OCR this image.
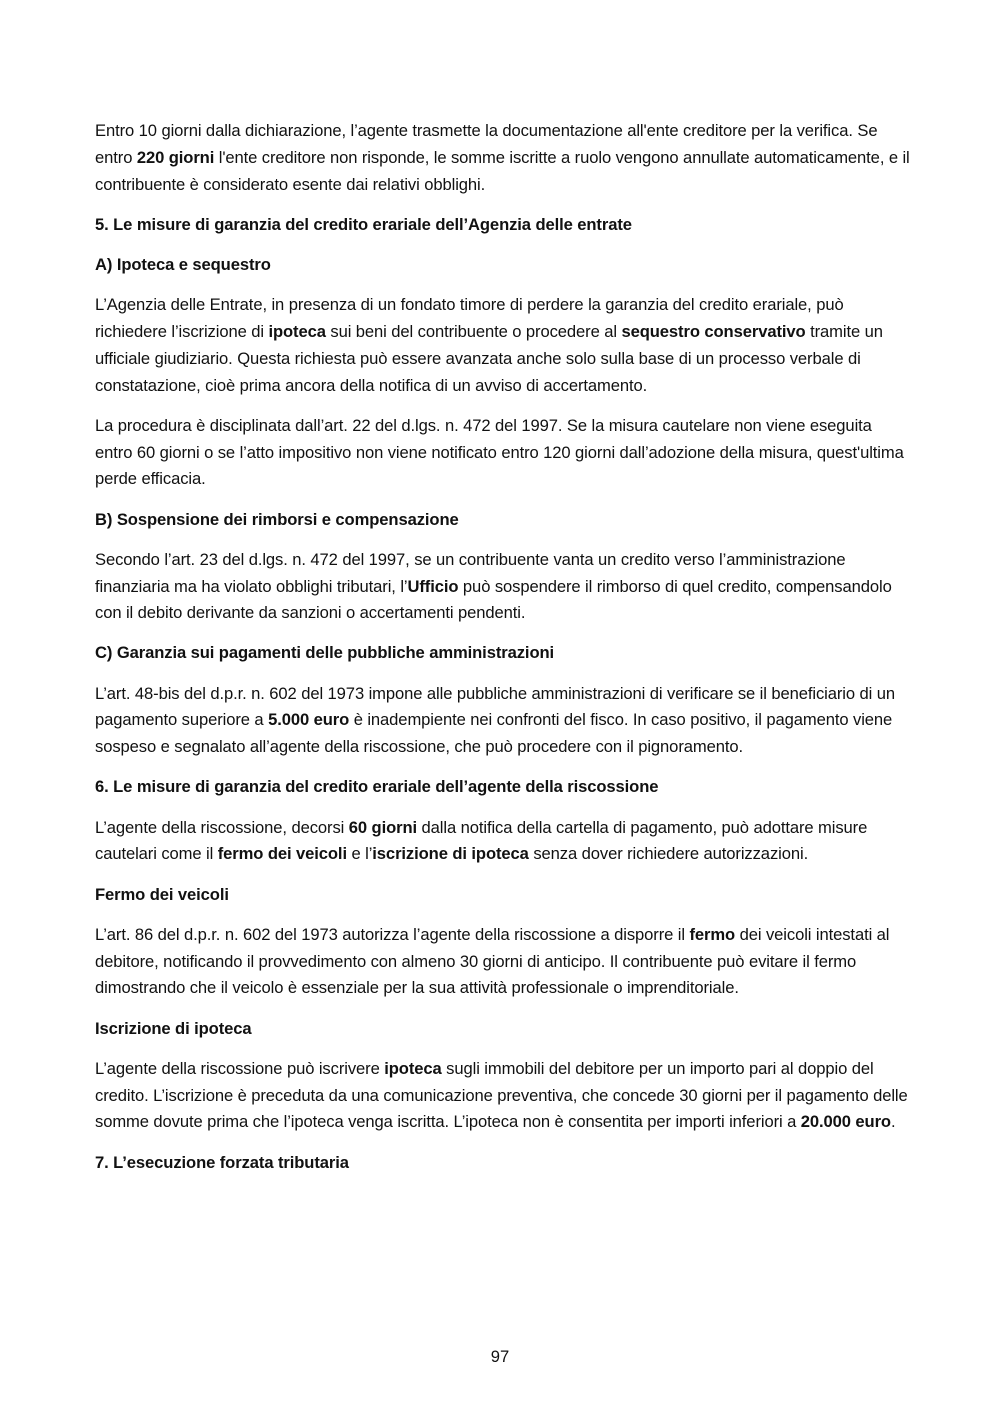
Entro 10 giorni dalla dichiarazione, l’agente trasmette la documentazione all'ente creditore per la verifica. Se entro 220 giorni l'ente creditore non risponde, le somme iscritte a ruolo vengono annullate automaticamente, e il contribuente è considerato esente dai relativi obblighi.

5. Le misure di garanzia del credito erariale dell’Agenzia delle entrate

A) Ipoteca e sequestro

L’Agenzia delle Entrate, in presenza di un fondato timore di perdere la garanzia del credito erariale, può richiedere l’iscrizione di ipoteca sui beni del contribuente o procedere al sequestro conservativo tramite un ufficiale giudiziario. Questa richiesta può essere avanzata anche solo sulla base di un processo verbale di constatazione, cioè prima ancora della notifica di un avviso di accertamento.

La procedura è disciplinata dall’art. 22 del d.lgs. n. 472 del 1997. Se la misura cautelare non viene eseguita entro 60 giorni o se l’atto impositivo non viene notificato entro 120 giorni dall’adozione della misura, quest'ultima perde efficacia.

B) Sospensione dei rimborsi e compensazione

Secondo l’art. 23 del d.lgs. n. 472 del 1997, se un contribuente vanta un credito verso l’amministrazione finanziaria ma ha violato obblighi tributari, l’Ufficio può sospendere il rimborso di quel credito, compensandolo con il debito derivante da sanzioni o accertamenti pendenti.

C) Garanzia sui pagamenti delle pubbliche amministrazioni

L’art. 48-bis del d.p.r. n. 602 del 1973 impone alle pubbliche amministrazioni di verificare se il beneficiario di un pagamento superiore a 5.000 euro è inadempiente nei confronti del fisco. In caso positivo, il pagamento viene sospeso e segnalato all’agente della riscossione, che può procedere con il pignoramento.

6. Le misure di garanzia del credito erariale dell’agente della riscossione

L’agente della riscossione, decorsi 60 giorni dalla notifica della cartella di pagamento, può adottare misure cautelari come il fermo dei veicoli e l’iscrizione di ipoteca senza dover richiedere autorizzazioni.

Fermo dei veicoli

L’art. 86 del d.p.r. n. 602 del 1973 autorizza l’agente della riscossione a disporre il fermo dei veicoli intestati al debitore, notificando il provvedimento con almeno 30 giorni di anticipo. Il contribuente può evitare il fermo dimostrando che il veicolo è essenziale per la sua attività professionale o imprenditoriale.

Iscrizione di ipoteca

L’agente della riscossione può iscrivere ipoteca sugli immobili del debitore per un importo pari al doppio del credito. L’iscrizione è preceduta da una comunicazione preventiva, che concede 30 giorni per il pagamento delle somme dovute prima che l’ipoteca venga iscritta. L’ipoteca non è consentita per importi inferiori a 20.000 euro.

7. L’esecuzione forzata tributaria

97
